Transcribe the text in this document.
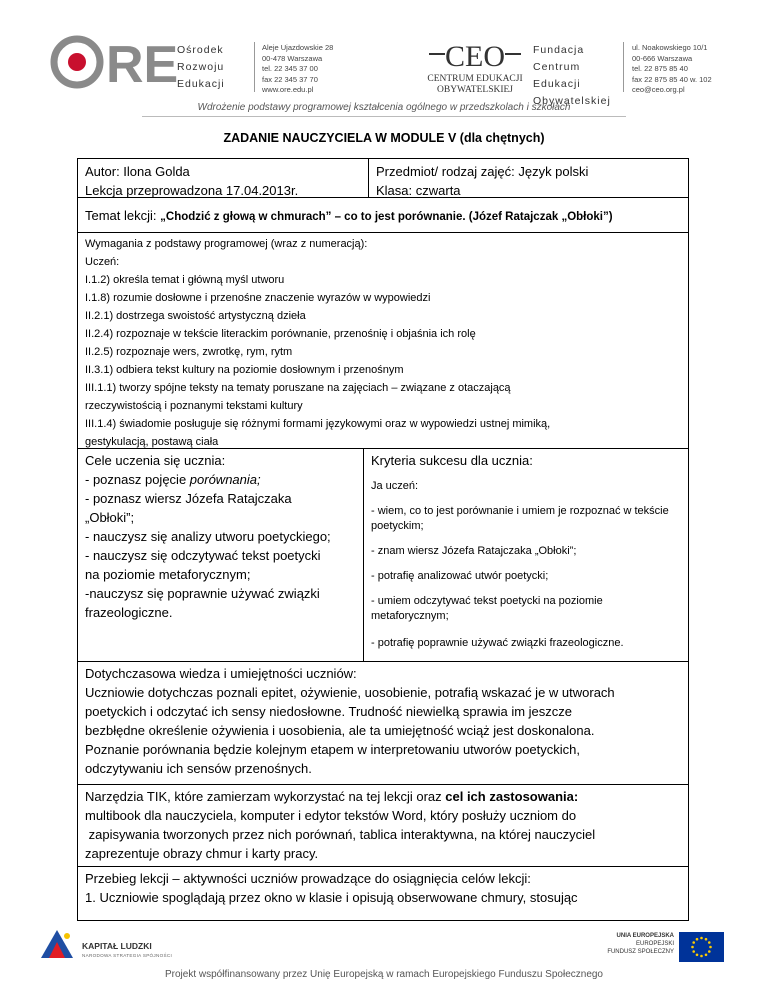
RE
Ośrodek
Rozwoju
Edukacji
Aleje Ujazdowskie 28
00-478 Warszawa
tel. 22 345 37 00
fax 22 345 37 70
www.ore.edu.pl
CEO
CENTRUM EDUKACJI
OBYWATELSKIEJ
Fundacja
Centrum
Edukacji
Obywatelskiej
ul. Noakowskiego 10/1
00-666 Warszawa
tel. 22 875 85 40
fax 22 875 85 40 w. 102
ceo@ceo.org.pl
Wdrożenie podstawy programowej kształcenia ogólnego w przedszkolach i szkołach
ZADANIE NAUCZYCIELA W MODULE V (dla chętnych)

Autor: Ilona Golda

Lekcja przeprowadzona 17.04.2013r.

Przedmiot/ rodzaj zajęć: Język polski

Klasa: czwarta

Temat lekcji: „Chodzić z głową w chmurach” – co to jest porównanie. (Józef Ratajczak „Obłoki”)

Wymagania z podstawy programowej (wraz z numeracją):

Uczeń:

I.1.2) określa temat i główną myśl utworu

I.1.8) rozumie dosłowne i przenośne znaczenie wyrazów w wypowiedzi

II.2.1) dostrzega swoistość artystyczną dzieła

II.2.4) rozpoznaje w tekście literackim porównanie, przenośnię i objaśnia ich rolę

II.2.5) rozpoznaje wers, zwrotkę, rym, rytm

II.3.1) odbiera tekst kultury na poziomie dosłownym i przenośnym

III.1.1) tworzy spójne teksty na tematy poruszane na zajęciach – związane z otaczającą

rzeczywistością i poznanymi tekstami kultury

III.1.4) świadomie posługuje się różnymi formami językowymi oraz w wypowiedzi ustnej mimiką,

gestykulacją, postawą ciała

Cele uczenia się ucznia:

- poznasz pojęcie porównania;

- poznasz wiersz Józefa Ratajczaka

„Obłoki”;

- nauczysz się analizy utworu poetyckiego;

- nauczysz się odczytywać tekst poetycki

na poziomie metaforycznym;

-nauczysz się poprawnie używać związki

frazeologiczne.

Kryteria sukcesu dla ucznia:

Ja uczeń:

- wiem, co to jest porównanie i umiem je rozpoznać w tekście poetyckim;

- znam wiersz Józefa Ratajczaka „Obłoki”;

- potrafię analizować utwór poetycki;

- umiem odczytywać tekst poetycki na poziomie metaforycznym;

- potrafię poprawnie używać związki frazeologiczne.

Dotychczasowa wiedza i umiejętności uczniów:

Uczniowie dotychczas poznali epitet, ożywienie, uosobienie, potrafią wskazać je w utworach

poetyckich i odczytać ich sensy niedosłowne. Trudność niewielką sprawia im jeszcze

bezbłędne określenie ożywienia i uosobienia, ale ta umiejętność wciąż jest doskonalona.

Poznanie porównania będzie kolejnym etapem w interpretowaniu utworów poetyckich,

odczytywaniu ich sensów przenośnych.

Narzędzia TIK, które zamierzam wykorzystać na tej lekcji oraz cel ich zastosowania:

multibook dla nauczyciela, komputer i edytor tekstów Word, który posłuży uczniom do

zapisywania tworzonych przez nich porównań, tablica interaktywna, na której nauczyciel

zaprezentuje obrazy chmur i karty pracy.

Przebieg lekcji – aktywności uczniów prowadzące do osiągnięcia celów lekcji:

1. Uczniowie spoglądają przez okno w klasie i opisują obserwowane chmury, stosując

KAPITAŁ LUDZKI
NARODOWA STRATEGIA SPÓJNOŚCI
UNIA EUROPEJSKA
EUROPEJSKI
FUNDUSZ SPOŁECZNY
Projekt współfinansowany przez Unię Europejską w ramach Europejskiego Funduszu Społecznego
